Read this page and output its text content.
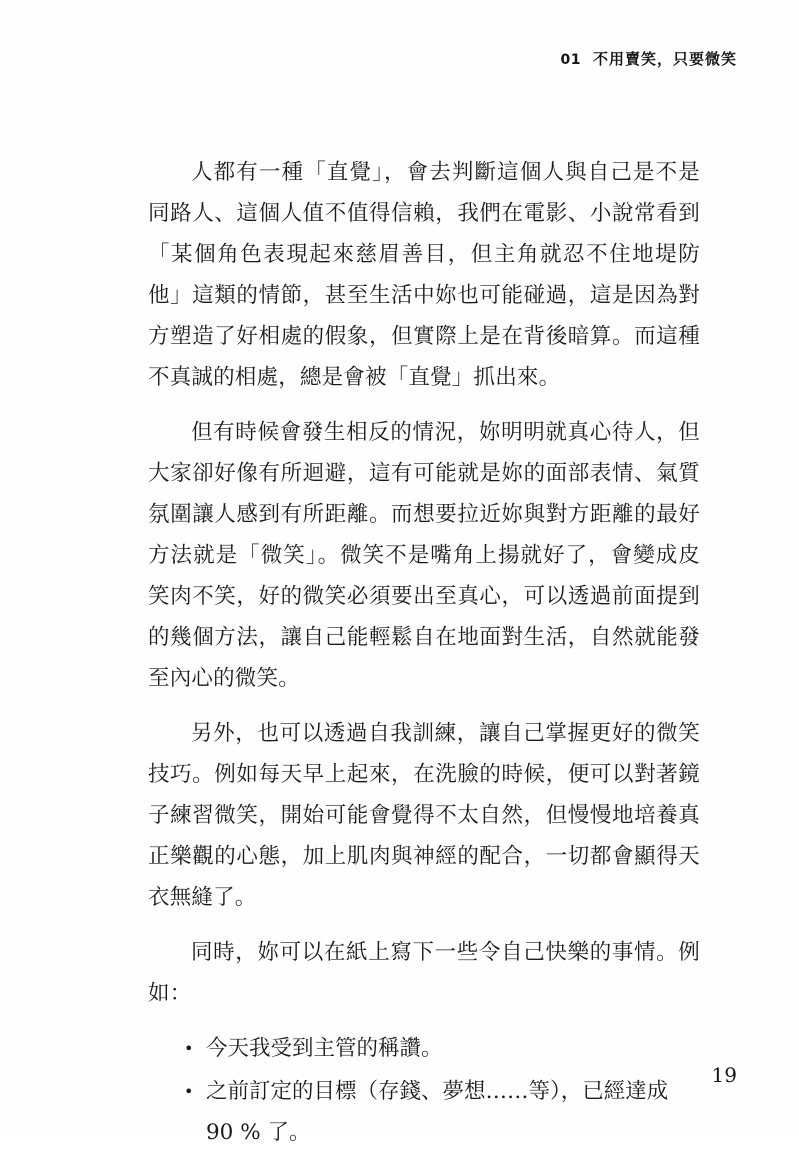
01 不用賣笑，只要微笑

人都有一種「直覺」，會去判斷這個人與自己是不是同路人、這個人值不值得信賴，我們在電影、小說常看到「某個角色表現起來慈眉善目，但主角就忍不住地堤防他」這類的情節，甚至生活中妳也可能碰過，這是因為對方塑造了好相處的假象，但實際上是在背後暗算。而這種不真誠的相處，總是會被「直覺」抓出來。

但有時候會發生相反的情況，妳明明就真心待人，但大家卻好像有所迴避，這有可能就是妳的面部表情、氣質氛圍讓人感到有所距離。而想要拉近妳與對方距離的最好方法就是「微笑」。微笑不是嘴角上揚就好了，會變成皮笑肉不笑，好的微笑必須要出至真心，可以透過前面提到的幾個方法，讓自己能輕鬆自在地面對生活，自然就能發至內心的微笑。

另外，也可以透過自我訓練，讓自己掌握更好的微笑技巧。例如每天早上起來，在洗臉的時候，便可以對著鏡子練習微笑，開始可能會覺得不太自然，但慢慢地培養真正樂觀的心態，加上肌肉與神經的配合，一切都會顯得天衣無縫了。

同時，妳可以在紙上寫下一些令自己快樂的事情。例如：

• 今天我受到主管的稱讚。
• 之前訂定的目標（存錢、夢想……等），已經達成 90 % 了。
19
